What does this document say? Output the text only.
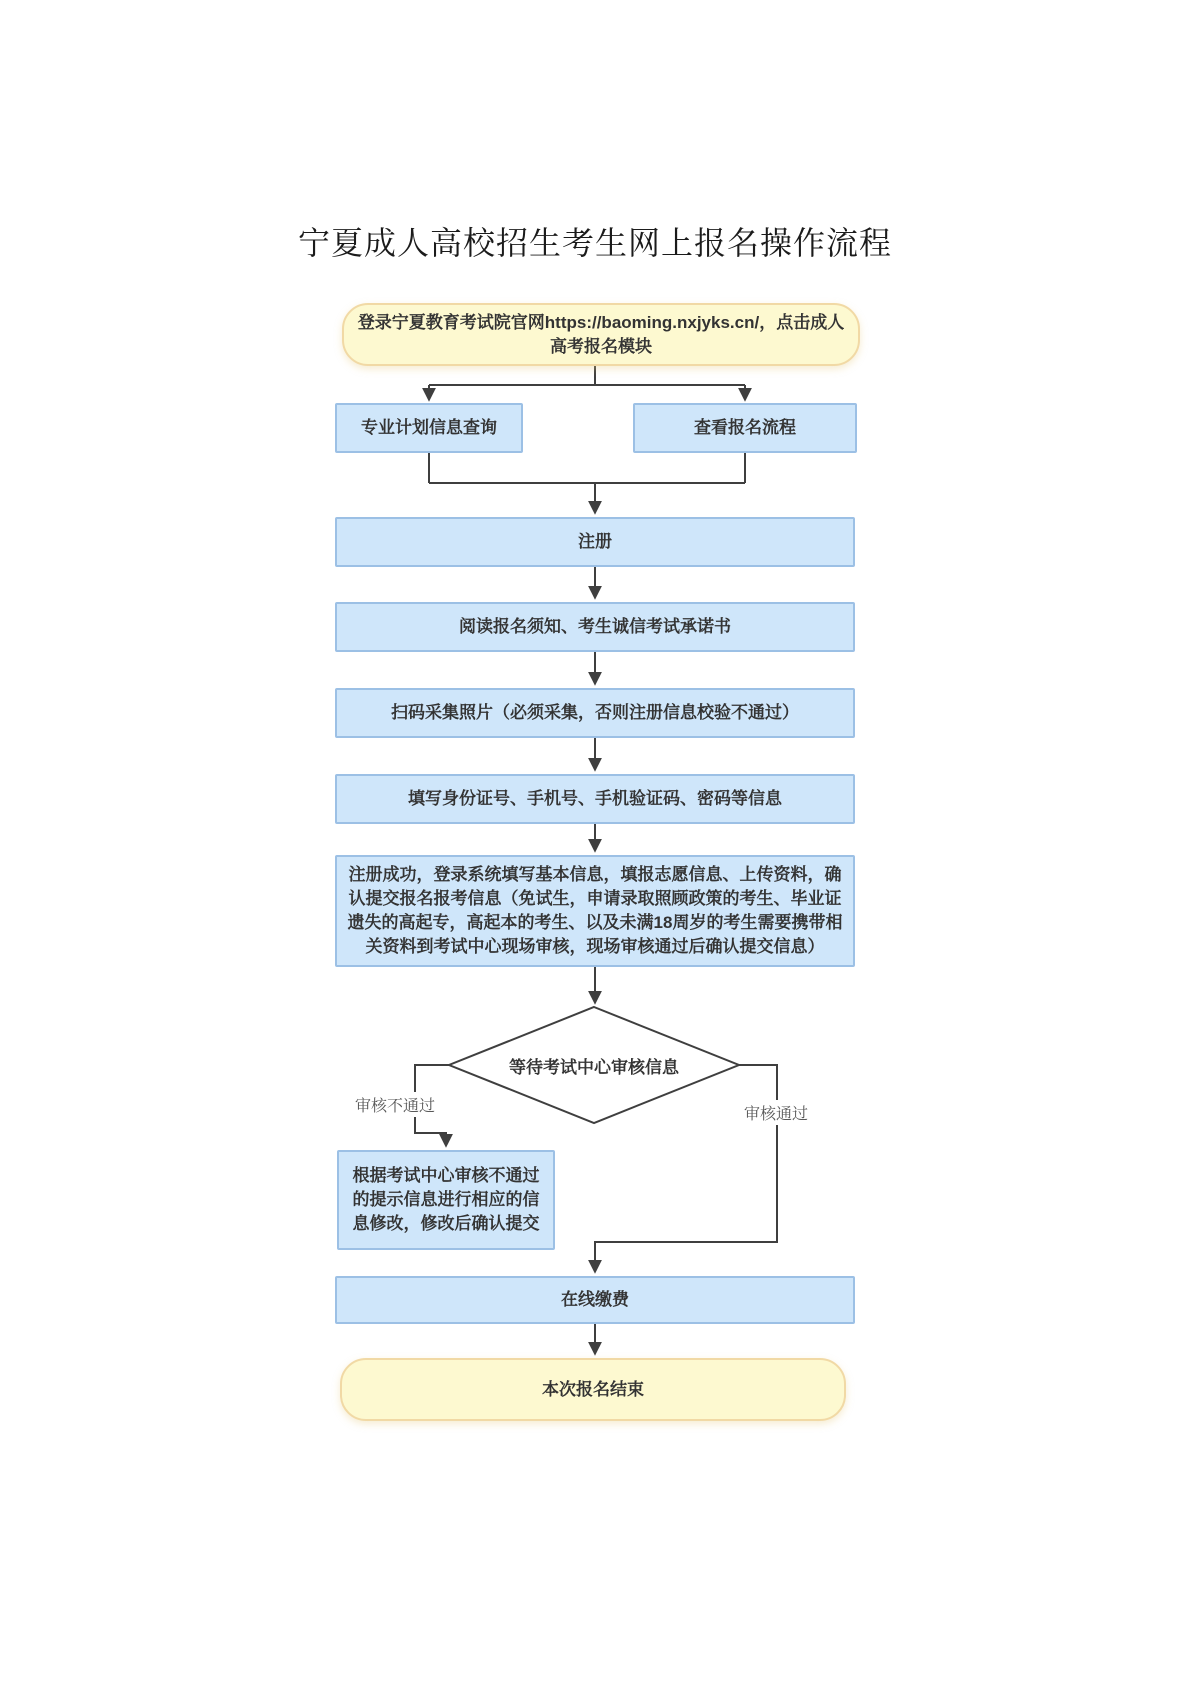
宁夏成人高校招生考生网上报名操作流程
登录宁夏教育考试院官网https://baoming.nxjyks.cn/，点击成人高考报名模块
专业计划信息查询	查看报名流程
注册
阅读报名须知、考生诚信考试承诺书
扫码采集照片（必须采集，否则注册信息校验不通过）
填写身份证号、手机号、手机验证码、密码等信息
注册成功，登录系统填写基本信息，填报志愿信息、上传资料，确认提交报名报考信息（免试生，申请录取照顾政策的考生、毕业证遗失的高起专，高起本的考生、以及未满18周岁的考生需要携带相关资料到考试中心现场审核，现场审核通过后确认提交信息）
等待考试中心审核信息
审核不通过	审核通过
根据考试中心审核不通过的提示信息进行相应的信息修改，修改后确认提交
在线缴费
本次报名结束
